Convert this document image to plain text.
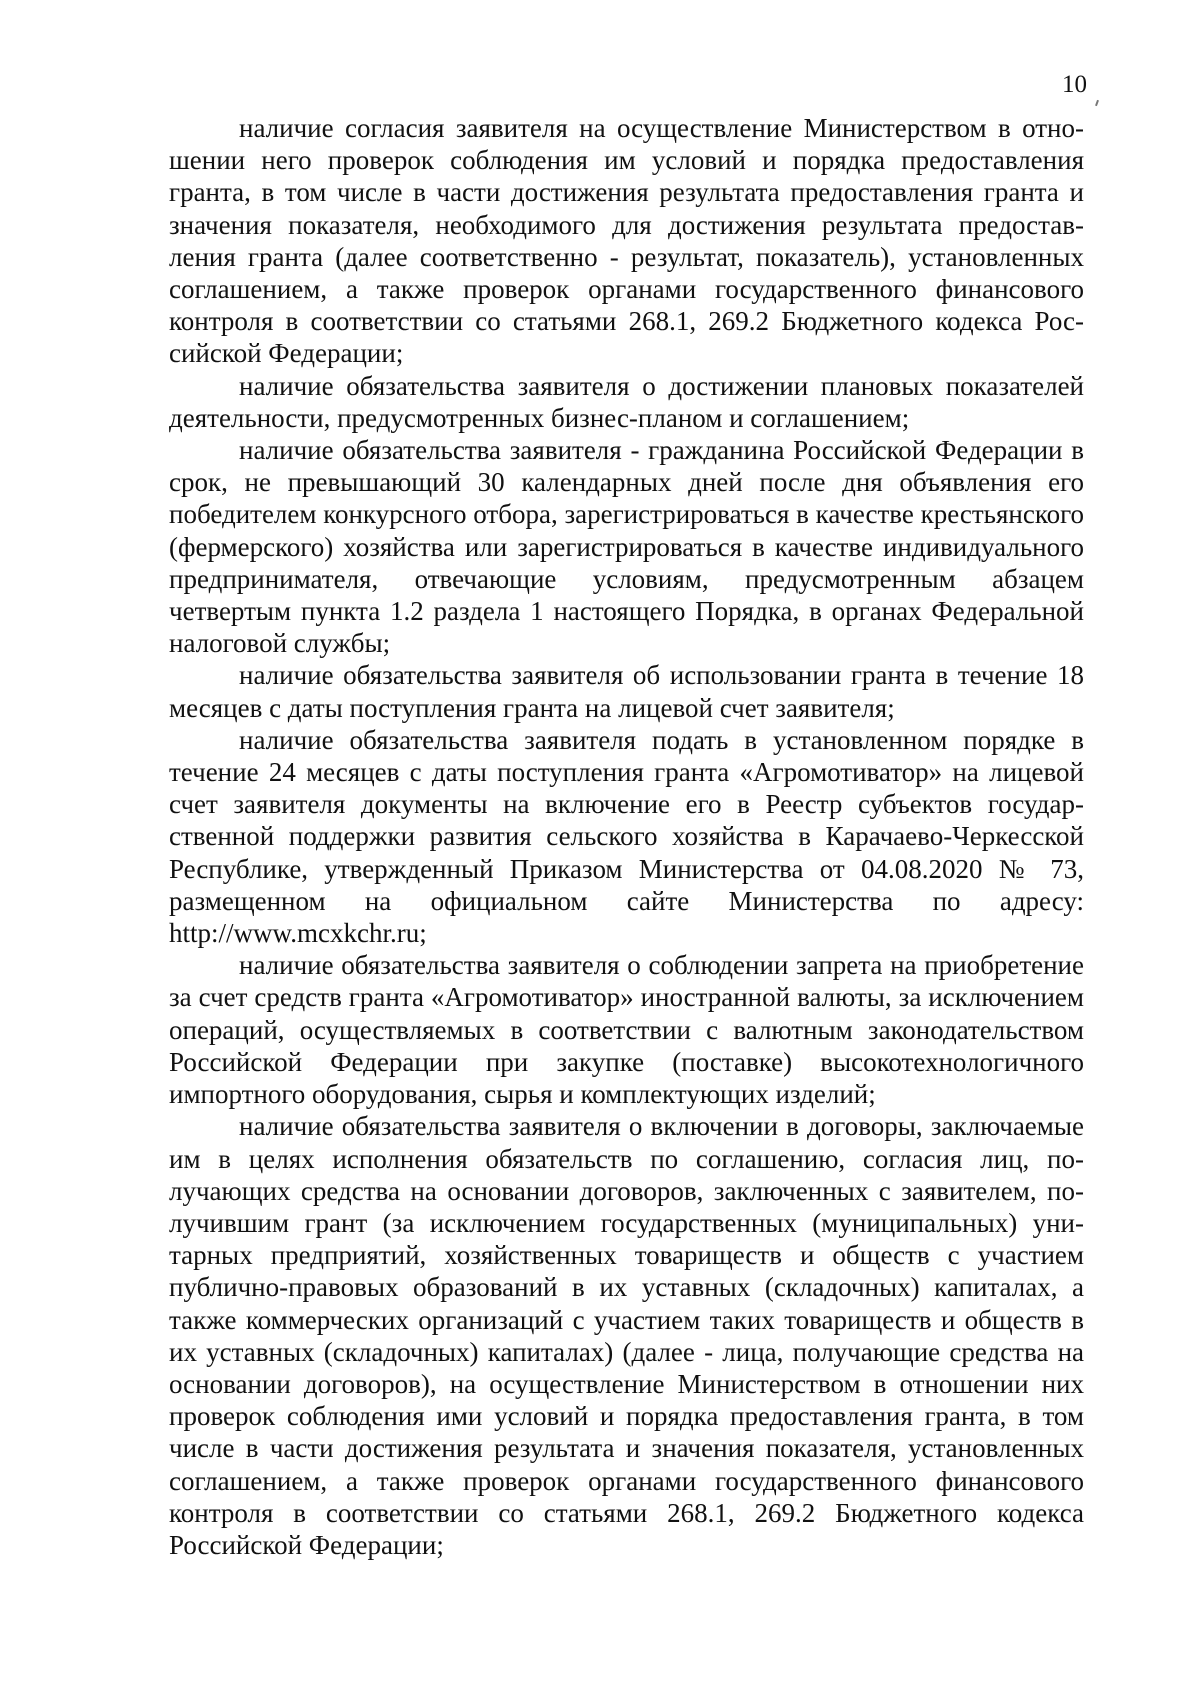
10

наличие согласия заявителя на осуществление Министерством в отношении него проверок соблюдения им условий и порядка предоставления гранта, в том числе в части достижения результата предоставления гранта и значения показателя, необходимого для достижения результата предоставления гранта (далее соответственно - результат, показатель), установленных соглашением, а также проверок органами государственного финансового контроля в соответствии со статьями 268.1, 269.2 Бюджетного кодекса Российской Федерации;

наличие обязательства заявителя о достижении плановых показателей деятельности, предусмотренных бизнес-планом и соглашением;

наличие обязательства заявителя - гражданина Российской Федерации в срок, не превышающий 30 календарных дней после дня объявления его победителем конкурсного отбора, зарегистрироваться в качестве крестьянского (фермерского) хозяйства или зарегистрироваться в качестве индивидуального предпринимателя, отвечающие условиям, предусмотренным абзацем четвертым пункта 1.2 раздела 1 настоящего Порядка, в органах Федеральной налоговой службы;

наличие обязательства заявителя об использовании гранта в течение 18 месяцев с даты поступления гранта на лицевой счет заявителя;

наличие обязательства заявителя подать в установленном порядке в течение 24 месяцев с даты поступления гранта «Агромотиватор» на лицевой счет заявителя документы на включение его в Реестр субъектов государственной поддержки развития сельского хозяйства в Карачаево-Черкесской Республике, утвержденный Приказом Министерства от 04.08.2020 № 73, размещенном на официальном сайте Министерства по адресу: http://www.mcxkchr.ru;

наличие обязательства заявителя о соблюдении запрета на приобретение за счет средств гранта «Агромотиватор» иностранной валюты, за исключением операций, осуществляемых в соответствии с валютным законодательством Российской Федерации при закупке (поставке) высокотехнологичного импортного оборудования, сырья и комплектующих изделий;

наличие обязательства заявителя о включении в договоры, заключаемые им в целях исполнения обязательств по соглашению, согласия лиц, получающих средства на основании договоров, заключенных с заявителем, получившим грант (за исключением государственных (муниципальных) унитарных предприятий, хозяйственных товариществ и обществ с участием публично-правовых образований в их уставных (складочных) капиталах, а также коммерческих организаций с участием таких товариществ и обществ в их уставных (складочных) капиталах) (далее - лица, получающие средства на основании договоров), на осуществление Министерством в отношении них проверок соблюдения ими условий и порядка предоставления гранта, в том числе в части достижения результата и значения показателя, установленных соглашением, а также проверок органами государственного финансового контроля в соответствии со статьями 268.1, 269.2 Бюджетного кодекса Российской Федерации;
